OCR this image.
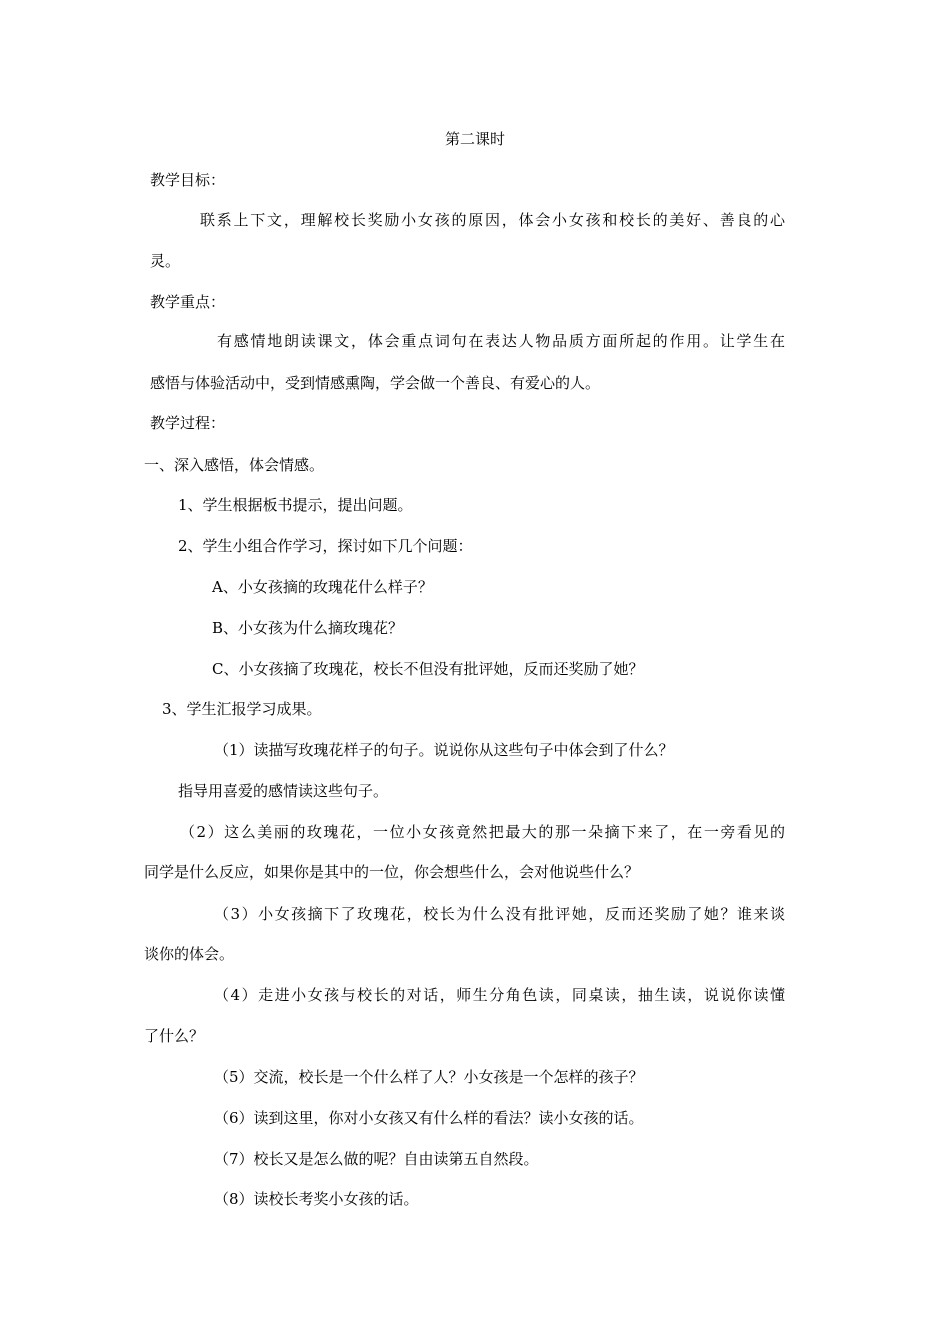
第二课时
教学目标：
联系上下文，理解校长奖励小女孩的原因，体会小女孩和校长的美好、善良的心
灵。
教学重点：
有感情地朗读课文，体会重点词句在表达人物品质方面所起的作用。让学生在
感悟与体验活动中，受到情感熏陶，学会做一个善良、有爱心的人。
教学过程：
一、深入感悟，体会情感。
1、学生根据板书提示，提出问题。
2、学生小组合作学习，探讨如下几个问题：
A、小女孩摘的玫瑰花什么样子？
B、小女孩为什么摘玫瑰花？
C、小女孩摘了玫瑰花，校长不但没有批评她，反而还奖励了她？
3、学生汇报学习成果。
（1）读描写玫瑰花样子的句子。说说你从这些句子中体会到了什么？
指导用喜爱的感情读这些句子。
（2）这么美丽的玫瑰花，一位小女孩竟然把最大的那一朵摘下来了，在一旁看见的
同学是什么反应，如果你是其中的一位，你会想些什么，会对他说些什么？
（3）小女孩摘下了玫瑰花，校长为什么没有批评她，反而还奖励了她？谁来谈
谈你的体会。
（4）走进小女孩与校长的对话，师生分角色读，同桌读，抽生读，说说你读懂
了什么？
（5）交流，校长是一个什么样了人？小女孩是一个怎样的孩子？
（6）读到这里，你对小女孩又有什么样的看法？读小女孩的话。
（7）校长又是怎么做的呢？自由读第五自然段。
（8）读校长考奖小女孩的话。
